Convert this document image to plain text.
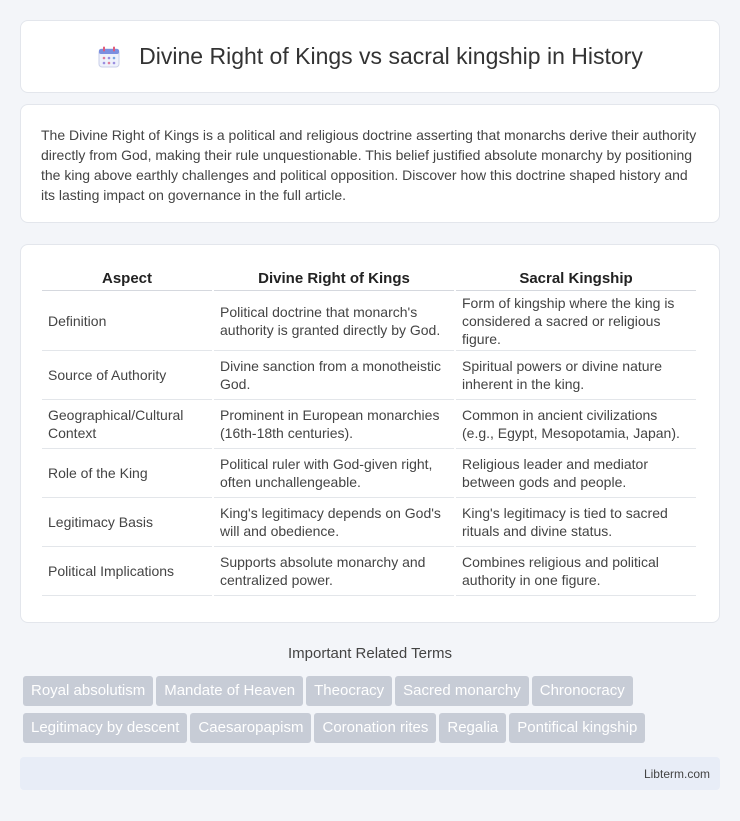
Divine Right of Kings vs sacral kingship in History

The Divine Right of Kings is a political and religious doctrine asserting that monarchs derive their authority directly from God, making their rule unquestionable. This belief justified absolute monarchy by positioning the king above earthly challenges and political opposition. Discover how this doctrine shaped history and its lasting impact on governance in the full article.

Aspect	Divine Right of Kings	Sacral Kingship
Definition	Political doctrine that monarch's authority is granted directly by God.	Form of kingship where the king is considered a sacred or religious figure.
Source of Authority	Divine sanction from a monotheistic God.	Spiritual powers or divine nature inherent in the king.
Geographical/Cultural Context	Prominent in European monarchies (16th-18th centuries).	Common in ancient civilizations (e.g., Egypt, Mesopotamia, Japan).
Role of the King	Political ruler with God-given right, often unchallengeable.	Religious leader and mediator between gods and people.
Legitimacy Basis	King's legitimacy depends on God's will and obedience.	King's legitimacy is tied to sacred rituals and divine status.
Political Implications	Supports absolute monarchy and centralized power.	Combines religious and political authority in one figure.
Important Related Terms
Royal absolutism Mandate of Heaven Theocracy Sacred monarchy Chronocracy
Legitimacy by descent Caesaropapism Coronation rites Regalia Pontifical kingship
Libterm.com
